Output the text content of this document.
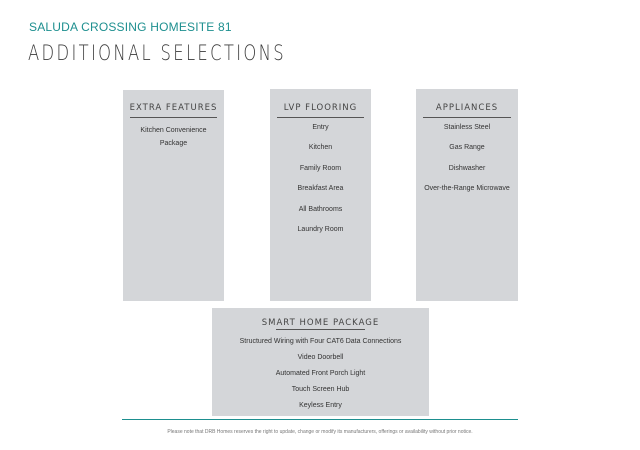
SALUDA CROSSING HOMESITE 81
ADDITIONAL SELECTIONS
EXTRA FEATURES
Kitchen Convenience
Package
LVP FLOORING
Entry
Kitchen
Family Room
Breakfast Area
All Bathrooms
Laundry Room
APPLIANCES
Stainless Steel
Gas Range
Dishwasher
Over-the-Range Microwave
SMART HOME PACKAGE
Structured Wiring with Four CAT6 Data Connections
Video Doorbell
Automated Front Porch Light
Touch Screen Hub
Keyless Entry
Please note that DRB Homes reserves the right to update, change or modify its manufacturers, offerings or availability without prior notice.
